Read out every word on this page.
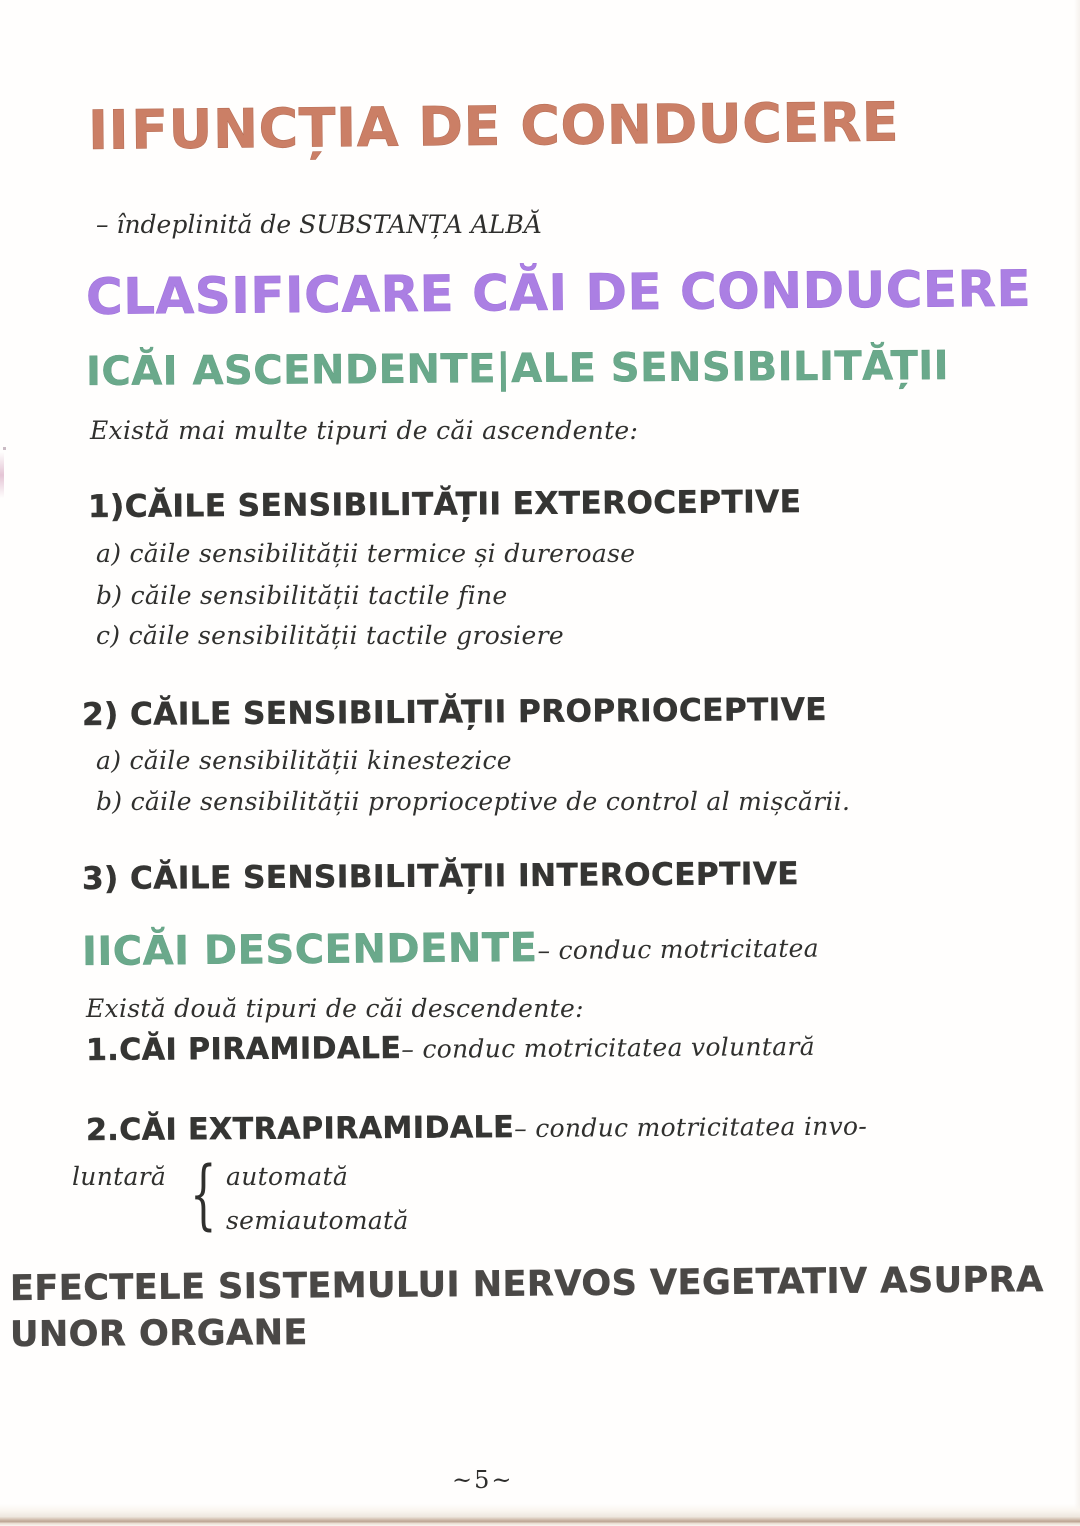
IIFUNCȚIA DE CONDUCERE
– îndeplinită de SUBSTANȚA ALBĂ
CLASIFICARE CĂI DE CONDUCERE
ICĂI ASCENDENTE|ALE SENSIBILITĂȚII
Există mai multe tipuri de căi ascendente:
1)CĂILE SENSIBILITĂȚII EXTEROCEPTIVE
a) căile sensibilității termice și dureroase
b) căile sensibilității tactile fine
c) căile sensibilității tactile grosiere
2) CĂILE SENSIBILITĂȚII PROPRIOCEPTIVE
a) căile sensibilității kinestezice
b) căile sensibilității proprioceptive de control al mișcării.
3) CĂILE SENSIBILITĂȚII INTEROCEPTIVE
IICĂI DESCENDENTE– conduc motricitatea
Există două tipuri de căi descendente:
1.CĂI PIRAMIDALE– conduc motricitatea voluntară
2.CĂI EXTRAPIRAMIDALE– conduc motricitatea invo-
luntară { automată
semiautomată
EFECTELE SISTEMULUI NERVOS VEGETATIV ASUPRA
UNOR ORGANE
~5~
